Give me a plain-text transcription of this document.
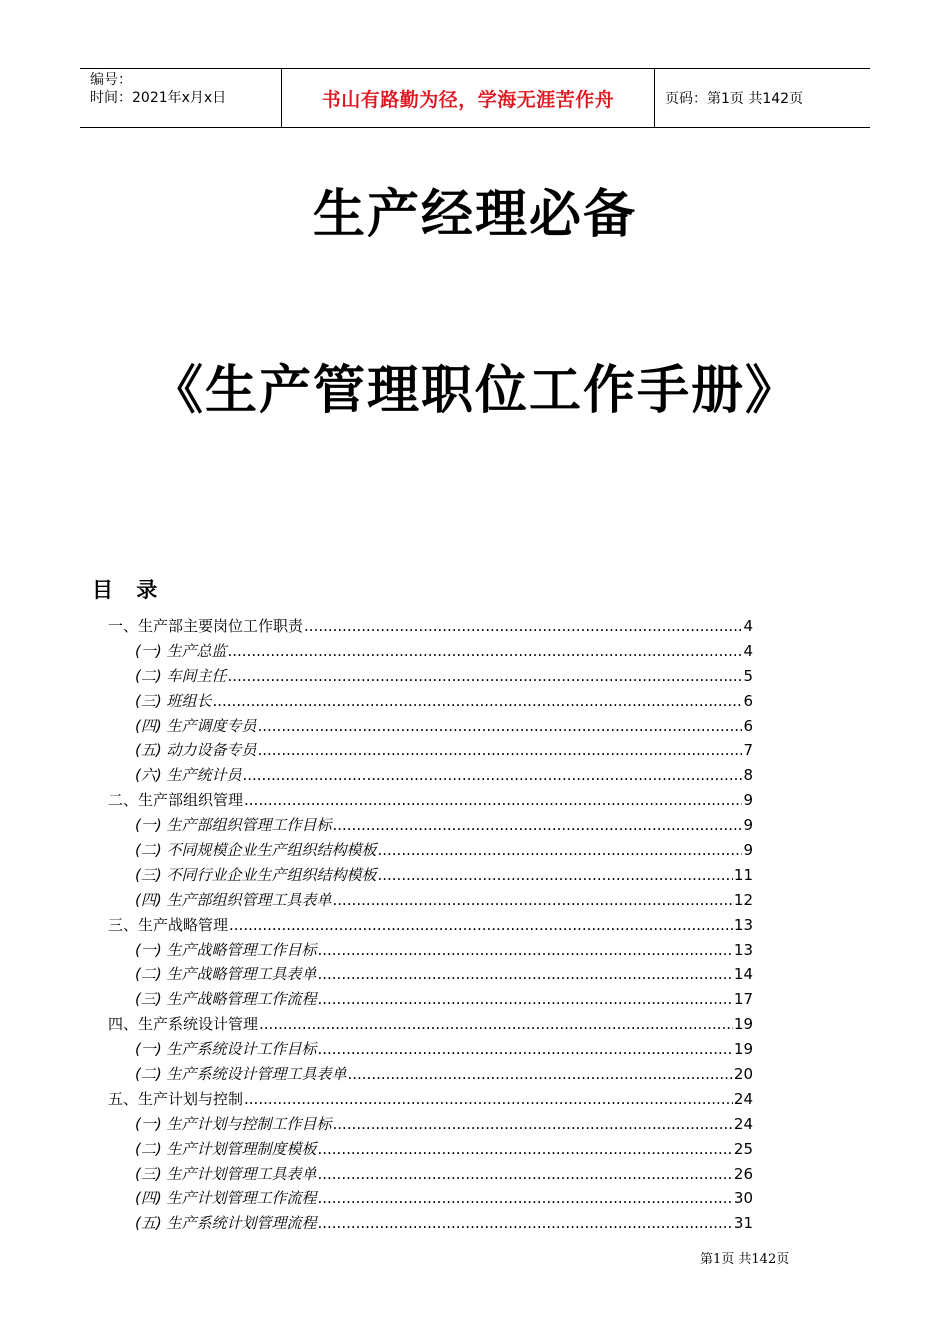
编号：
时间：2021年x月x日	书山有路勤为径，学海无涯苦作舟	页码：第1页 共142页
生产经理必备
《生产管理职位工作手册》
目 录
一、生产部主要岗位工作职责 .....	4
(一) 生产总监 .....	4
(二) 车间主任 .....	5
(三) 班组长 .....	6
(四) 生产调度专员 .....	6
(五) 动力设备专员 .....	7
(六) 生产统计员 .....	8
二、生产部组织管理 .....	9
(一) 生产部组织管理工作目标 .....	9
(二) 不同规模企业生产组织结构模板 .....	9
(三) 不同行业企业生产组织结构模板 .....	11
(四) 生产部组织管理工具表单 .....	12
三、生产战略管理 .....	13
(一) 生产战略管理工作目标 .....	13
(二) 生产战略管理工具表单 .....	14
(三) 生产战略管理工作流程 .....	17
四、生产系统设计管理 .....	19
(一) 生产系统设计工作目标 .....	19
(二) 生产系统设计管理工具表单 .....	20
五、生产计划与控制 .....	24
(一) 生产计划与控制工作目标 .....	24
(二) 生产计划管理制度模板 .....	25
(三) 生产计划管理工具表单 .....	26
(四) 生产计划管理工作流程 .....	30
(五) 生产系统计划管理流程 .....	31
第1页 共142页
